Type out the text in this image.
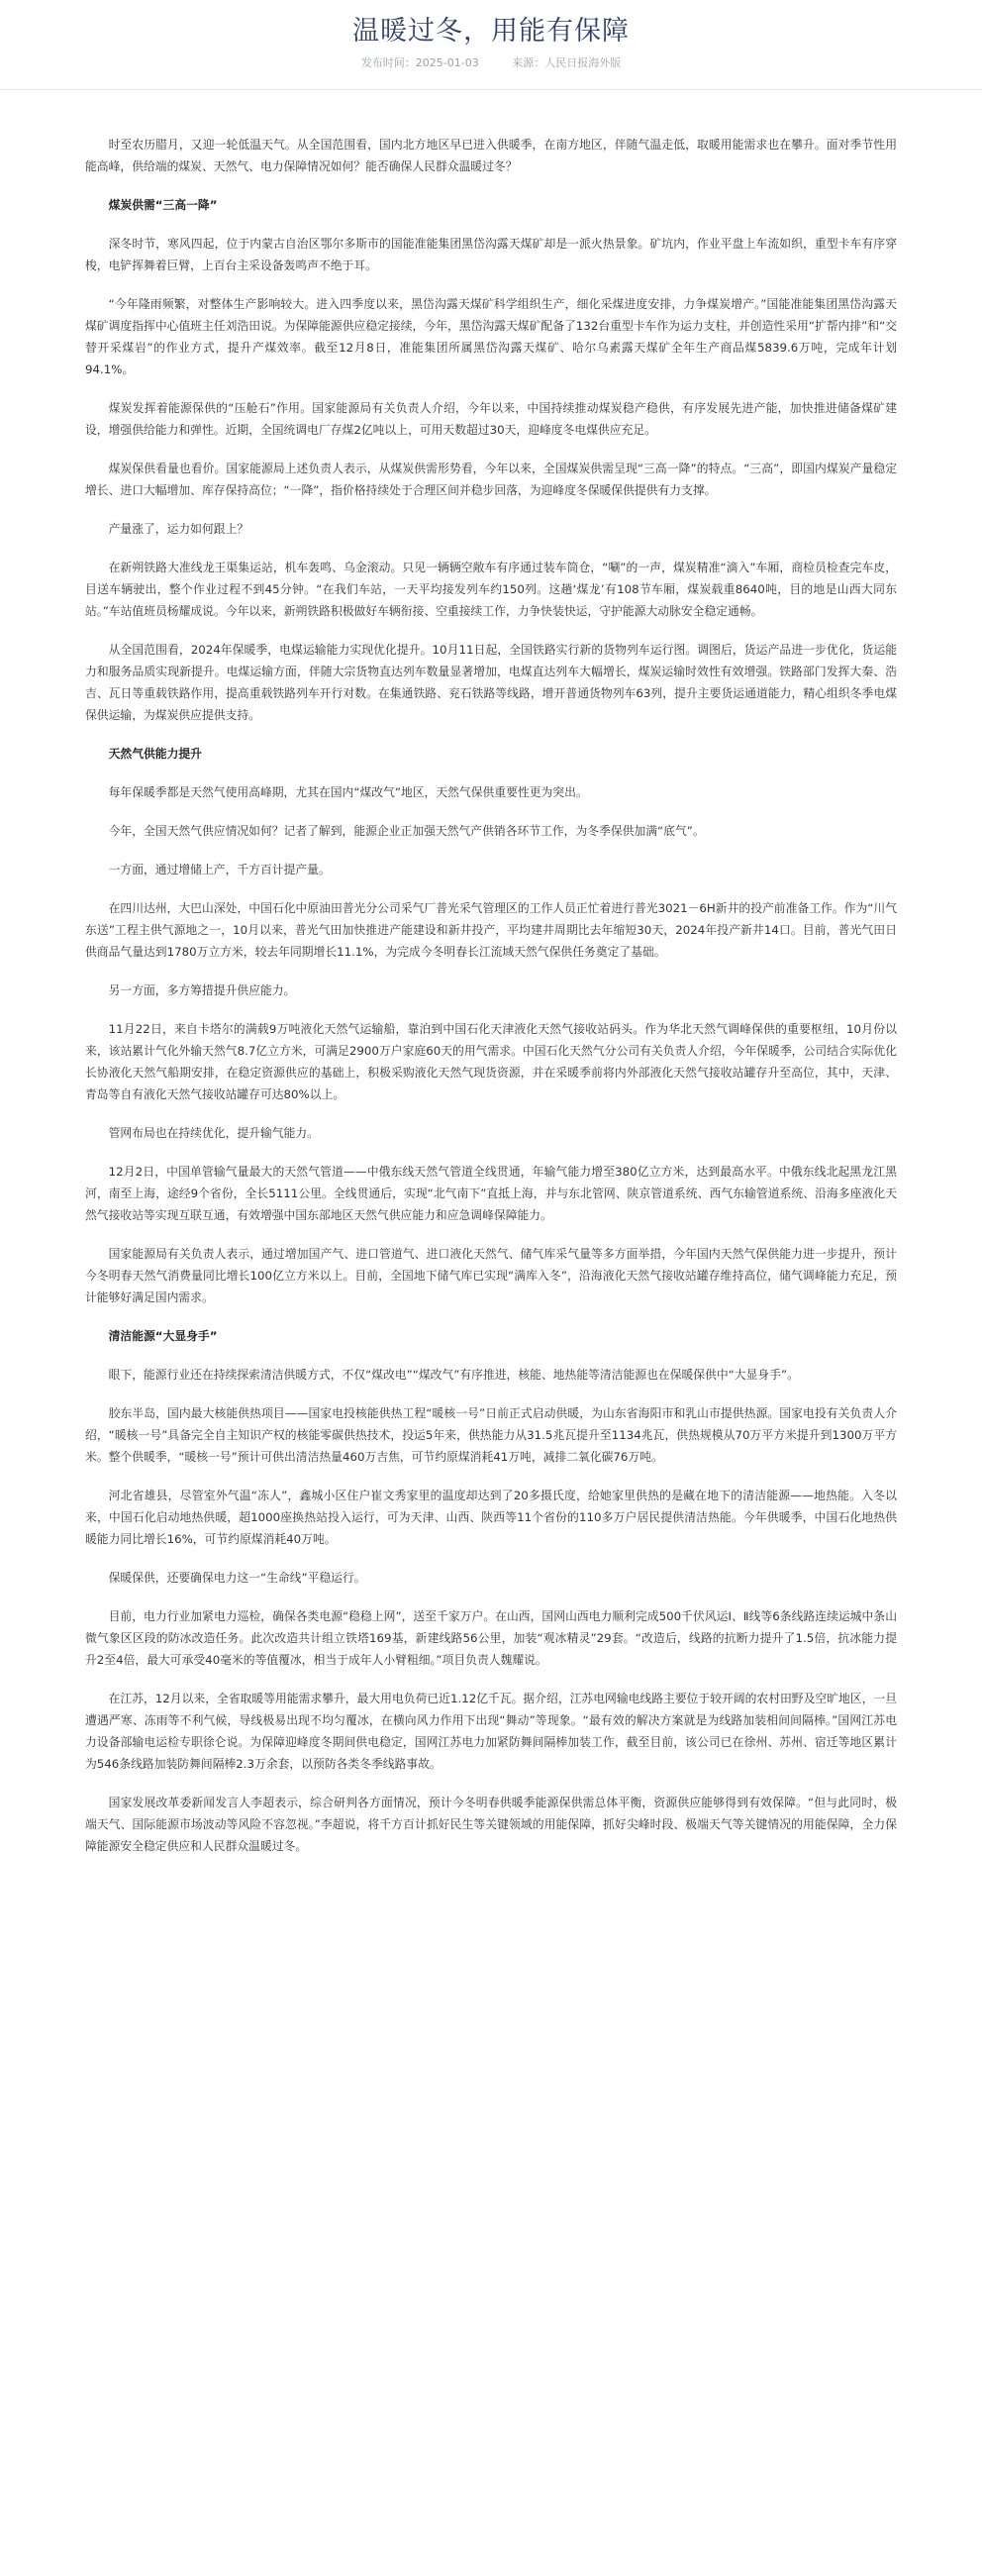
温暖过冬，用能有保障
发布时间：2025-01-03	来源：人民日报海外版

时至农历腊月，又迎一轮低温天气。从全国范围看，国内北方地区早已进入供暖季，在南方地区，伴随气温走低，取暖用能需求也在攀升。面对季节性用能高峰，供给端的煤炭、天然气、电力保障情况如何？能否确保人民群众温暖过冬？

煤炭供需“三高一降”

深冬时节，寒风四起，位于内蒙古自治区鄂尔多斯市的国能准能集团黑岱沟露天煤矿却是一派火热景象。矿坑内，作业平盘上车流如织，重型卡车有序穿梭，电铲挥舞着巨臂，上百台主采设备轰鸣声不绝于耳。

“今年隆雨频繁，对整体生产影响较大。进入四季度以来，黑岱沟露天煤矿科学组织生产，细化采煤进度安排，力争煤炭增产。”国能准能集团黑岱沟露天煤矿调度指挥中心值班主任刘浩田说。为保障能源供应稳定接续，今年，黑岱沟露天煤矿配备了132台重型卡车作为运力支柱，并创造性采用“扩帮内排”和“交替开采煤岩”的作业方式，提升产煤效率。截至12月8日，准能集团所属黑岱沟露天煤矿、哈尔乌素露天煤矿全年生产商品煤5839.6万吨，完成年计划94.1%。

煤炭发挥着能源保供的“压舱石”作用。国家能源局有关负责人介绍，今年以来，中国持续推动煤炭稳产稳供，有序发展先进产能，加快推进储备煤矿建设，增强供给能力和弹性。近期，全国统调电厂存煤2亿吨以上，可用天数超过30天，迎峰度冬电煤供应充足。

煤炭保供看量也看价。国家能源局上述负责人表示，从煤炭供需形势看，今年以来，全国煤炭供需呈现“三高一降”的特点。“三高”，即国内煤炭产量稳定增长、进口大幅增加、库存保持高位；“一降”，指价格持续处于合理区间并稳步回落，为迎峰度冬保暖保供提供有力支撑。

产量涨了，运力如何跟上？

在新朔铁路大准线龙王渠集运站，机车轰鸣、乌金滚动。只见一辆辆空敞车有序通过装车筒仓，“唰”的一声，煤炭精准“滴入”车厢，商检员检查完车皮，目送车辆驶出，整个作业过程不到45分钟。“在我们车站，一天平均接发列车约150列。这趟‘煤龙’有108节车厢，煤炭载重8640吨，目的地是山西大同东站。”车站值班员杨耀成说。今年以来，新朔铁路积极做好车辆衔接、空重接续工作，力争快装快运，守护能源大动脉安全稳定通畅。

从全国范围看，2024年保暖季，电煤运输能力实现优化提升。10月11日起，全国铁路实行新的货物列车运行图。调图后，货运产品进一步优化，货运能力和服务品质实现新提升。电煤运输方面，伴随大宗货物直达列车数量显著增加，电煤直达列车大幅增长，煤炭运输时效性有效增强。铁路部门发挥大秦、浩吉、瓦日等重载铁路作用，提高重载铁路列车开行对数。在集通铁路、兖石铁路等线路，增开普通货物列车63列，提升主要货运通道能力，精心组织冬季电煤保供运输，为煤炭供应提供支持。

天然气供能力提升

每年保暖季都是天然气使用高峰期，尤其在国内“煤改气”地区，天然气保供重要性更为突出。

今年，全国天然气供应情况如何？记者了解到，能源企业正加强天然气产供销各环节工作，为冬季保供加满“底气”。

一方面，通过增储上产，千方百计提产量。

在四川达州，大巴山深处，中国石化中原油田普光分公司采气厂普光采气管理区的工作人员正忙着进行普光3021－6H新井的投产前准备工作。作为“川气东送”工程主供气源地之一，10月以来，普光气田加快推进产能建设和新井投产，平均建井周期比去年缩短30天，2024年投产新井14口。目前，普光气田日供商品气量达到1780万立方米，较去年同期增长11.1%，为完成今冬明春长江流域天然气保供任务奠定了基础。

另一方面，多方筹措提升供应能力。

11月22日，来自卡塔尔的满载9万吨液化天然气运输船，靠泊到中国石化天津液化天然气接收站码头。作为华北天然气调峰保供的重要枢纽，10月份以来，该站累计气化外输天然气8.7亿立方米，可满足2900万户家庭60天的用气需求。中国石化天然气分公司有关负责人介绍，今年保暖季，公司结合实际优化长协液化天然气船期安排，在稳定资源供应的基础上，积极采购液化天然气现货资源，并在采暖季前将内外部液化天然气接收站罐存升至高位，其中，天津、青岛等自有液化天然气接收站罐存可达80%以上。

管网布局也在持续优化，提升输气能力。

12月2日，中国单管输气量最大的天然气管道——中俄东线天然气管道全线贯通，年输气能力增至380亿立方米，达到最高水平。中俄东线北起黑龙江黑河，南至上海，途经9个省份，全长5111公里。全线贯通后，实现“北气南下”直抵上海，并与东北管网、陕京管道系统、西气东输管道系统、沿海多座液化天然气接收站等实现互联互通，有效增强中国东部地区天然气供应能力和应急调峰保障能力。

国家能源局有关负责人表示，通过增加国产气、进口管道气、进口液化天然气、储气库采气量等多方面举措，今年国内天然气保供能力进一步提升，预计今冬明春天然气消费量同比增长100亿立方米以上。目前，全国地下储气库已实现“满库入冬”，沿海液化天然气接收站罐存维持高位，储气调峰能力充足，预计能够好满足国内需求。

清洁能源“大显身手”

眼下，能源行业还在持续探索清洁供暖方式，不仅“煤改电”“煤改气”有序推进，核能、地热能等清洁能源也在保暖保供中“大显身手”。

胶东半岛，国内最大核能供热项目——国家电投核能供热工程“暖核一号”日前正式启动供暖，为山东省海阳市和乳山市提供热源。国家电投有关负责人介绍，“暖核一号”具备完全自主知识产权的核能零碳供热技术，投运5年来，供热能力从31.5兆瓦提升至1134兆瓦，供热规模从70万平方米提升到1300万平方米。整个供暖季，“暖核一号”预计可供出清洁热量460万吉焦，可节约原煤消耗41万吨，减排二氧化碳76万吨。

河北省雄县，尽管室外气温“冻人”，鑫城小区住户崔文秀家里的温度却达到了20多摄氏度，给她家里供热的是藏在地下的清洁能源——地热能。入冬以来，中国石化启动地热供暖，超1000座换热站投入运行，可为天津、山西、陕西等11个省份的110多万户居民提供清洁热能。今年供暖季，中国石化地热供暖能力同比增长16%，可节约原煤消耗40万吨。

保暖保供，还要确保电力这一“生命线”平稳运行。

目前，电力行业加紧电力巡检，确保各类电源“稳稳上网”，送至千家万户。在山西，国网山西电力顺利完成500千伏风运Ⅰ、Ⅱ线等6条线路连续运城中条山微气象区区段的防冰改造任务。此次改造共计组立铁塔169基，新建线路56公里，加装“观冰精灵”29套。“改造后，线路的抗断力提升了1.5倍，抗冰能力提升2至4倍，最大可承受40毫米的等值覆冰，相当于成年人小臂粗细。”项目负责人魏耀说。

在江苏，12月以来，全省取暖等用能需求攀升，最大用电负荷已近1.12亿千瓦。据介绍，江苏电网输电线路主要位于较开阔的农村田野及空旷地区，一旦遭遇严寒、冻雨等不利气候，导线极易出现不均匀覆冰，在横向风力作用下出现“舞动”等现象。“最有效的解决方案就是为线路加装相间间隔棒。”国网江苏电力设备部输电运检专职徐仑说。为保障迎峰度冬期间供电稳定，国网江苏电力加紧防舞间隔棒加装工作，截至目前，该公司已在徐州、苏州、宿迁等地区累计为546条线路加装防舞间隔棒2.3万余套，以预防各类冬季线路事故。

国家发展改革委新闻发言人李超表示，综合研判各方面情况，预计今冬明春供暖季能源保供需总体平衡，资源供应能够得到有效保障。“但与此同时，极端天气、国际能源市场波动等风险不容忽视。”李超说，将千方百计抓好民生等关键领域的用能保障，抓好尖峰时段、极端天气等关键情况的用能保障，全力保障能源安全稳定供应和人民群众温暖过冬。
